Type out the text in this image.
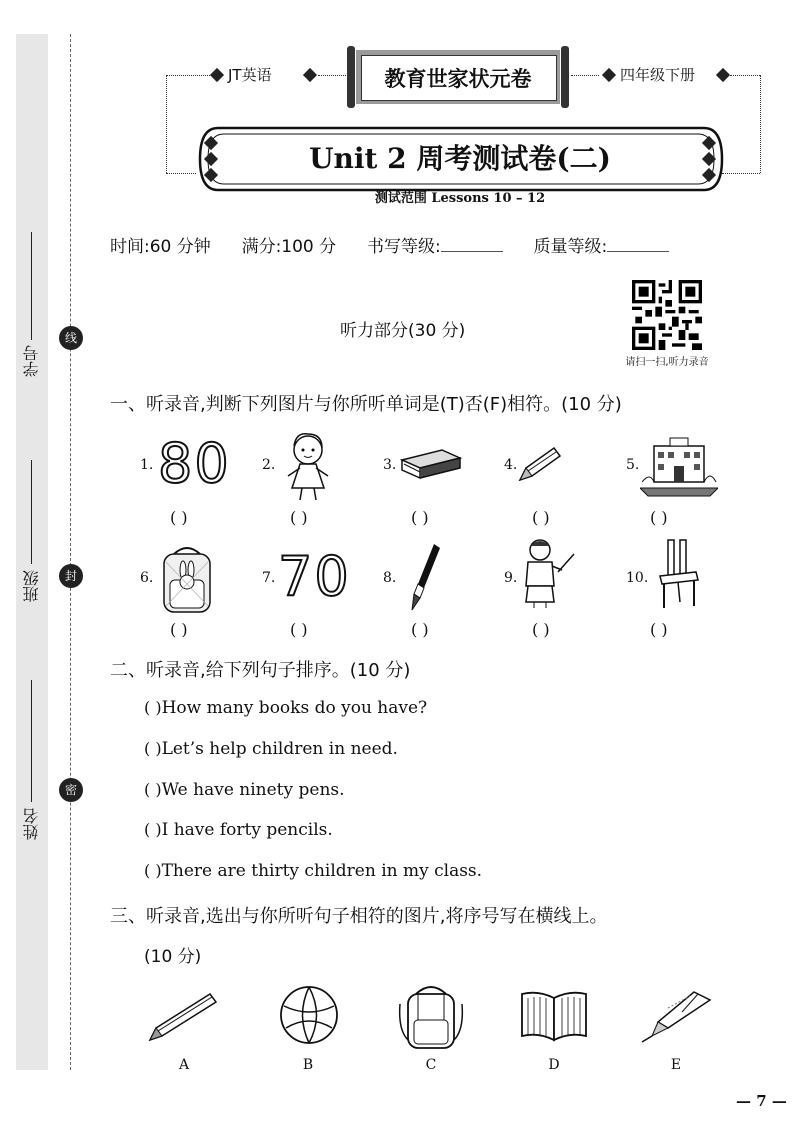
学号
班级
姓名
线
封
密
JT英语	教育世家状元卷	四年级下册
Unit 2 周考测试卷(二)
测试范围 Lessons 10 – 12
时间:60 分钟 满分:100 分 书写等级:	质量等级:
请扫一扫,听力录音
听力部分(30 分)
一、听录音,判断下列图片与你所听单词是(T)否(F)相符。(10 分)
1. 80 2.	3.	4.	5.
6.	7. 70 8.	9.	10.
( )	( )	( )	( )	( )
( )	( )	( )	( )	( )
二、听录音,给下列句子排序。(10 分)
( )How many books do you have?
( )Let’s help children in need.
( )We have ninety pens.
( )I have forty pencils.
( )There are thirty children in my class.
三、听录音,选出与你所听句子相符的图片,将序号写在横线上。
(10 分)
A	B	C	D	E
— 7 —
